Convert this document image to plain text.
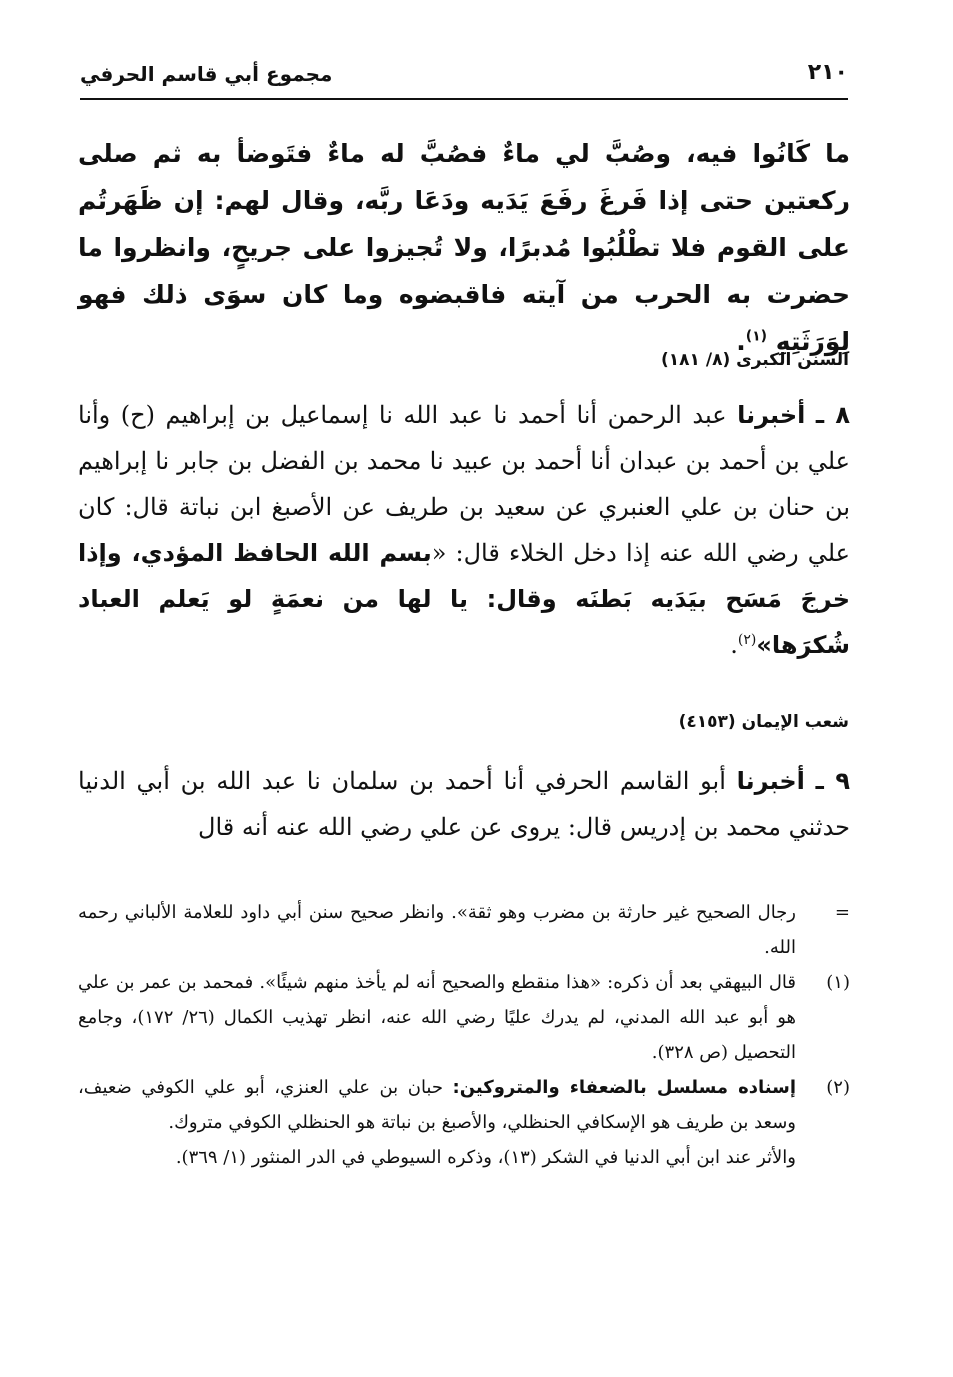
٢١٠
مجموع أبي قاسم الحرفي
ما كَانُوا فيه، وصُبَّ لي ماءٌ فصُبَّ له ماءٌ فتَوضأ به ثم صلى ركعتين حتى إذا فَرغَ رفَعَ يَدَيه ودَعَا ربَّه، وقال لهم: إن ظَهَرتُم على القوم فلا تطْلُبُوا مُدبرًا، ولا تُجيزوا على جريحٍ، وانظروا ما حضرت به الحرب من آيته فاقبضوه وما كان سوَى ذلك فهو لِوَرَثَتِهِ $^{(١)}$.
السنن الكبرى (٨/ ١٨١)
٨ ـ أخبرنا عبد الرحمن أنا أحمد نا عبد الله نا إسماعيل بن إبراهيم (ح) وأنا علي بن أحمد بن عبدان أنا أحمد بن عبيد نا محمد بن الفضل بن جابر نا إبراهيم بن حنان بن علي العنبري عن سعيد بن طريف عن الأصبغ ابن نباتة قال: كان علي رضي الله عنه إذا دخل الخلاء قال: «بسم الله الحافظ المؤدي، وإذا خرجَ مَسَح بيَدَيه بَطنَه وقال: يا لها من نعمَةٍ لو يَعلم العباد شُكرَها»$^{(٢)}$.
شعب الإيمان (٤١٥٣)
٩ ـ أخبرنا أبو القاسم الحرفي أنا أحمد بن سلمان نا عبد الله بن أبي الدنيا حدثني محمد بن إدريس قال: يروى عن علي رضي الله عنه أنه قال
=
رجال الصحيح غير حارثة بن مضرب وهو ثقة». وانظر صحيح سنن أبي داود للعلامة الألباني رحمه الله.
(١)
قال البيهقي بعد أن ذكره: «هذا منقطع والصحيح أنه لم يأخذ منهم شيئًا». فمحمد بن عمر بن علي هو أبو عبد الله المدني، لم يدرك عليًا رضي الله عنه، انظر تهذيب الكمال (٢٦/ ١٧٢)، وجامع التحصيل (ص ٣٢٨).
(٢)
إسناده مسلسل بالضعفاء والمتروكين: حبان بن علي العنزي، أبو علي الكوفي ضعيف، وسعد بن طريف هو الإسكافي الحنظلي، والأصبغ بن نباتة هو الحنظلي الكوفي متروك.
والأثر عند ابن أبي الدنيا في الشكر (١٣)، وذكره السيوطي في الدر المنثور (١/ ٣٦٩).
